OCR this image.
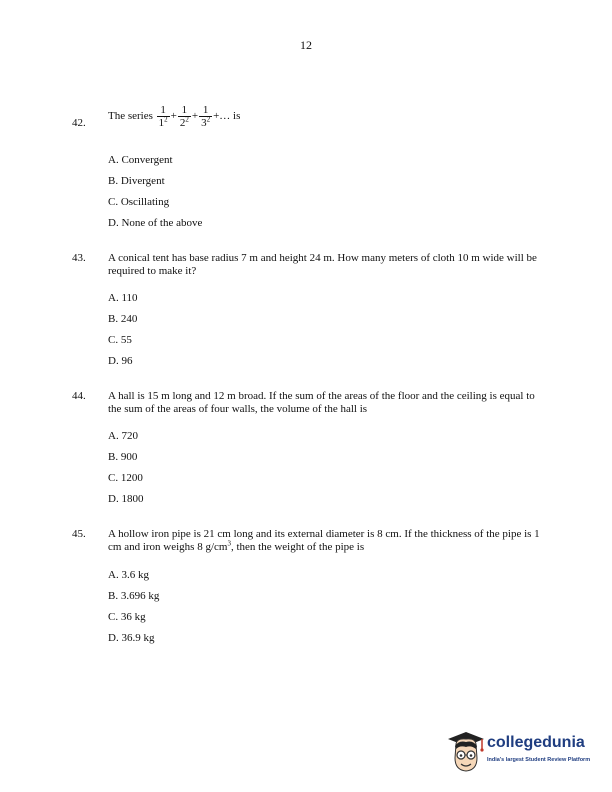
12
42.
The series $\frac{1}{1^2} + \frac{1}{2^2} + \frac{1}{3^2}$ +… is
A. Convergent
B. Divergent
C. Oscillating
D. None of the above
43. A conical tent has base radius 7 m and height 24 m. How many meters of cloth 10 m wide will be required to make it?
A. 110
B. 240
C. 55
D. 96
44. A hall is 15 m long and 12 m broad. If the sum of the areas of the floor and the ceiling is equal to the sum of the areas of four walls, the volume of the hall is
A. 720
B. 900
C. 1200
D. 1800
45. A hollow iron pipe is 21 cm long and its external diameter is 8 cm. If the thickness of the pipe is 1 cm and iron weighs 8 $g/cm^3$, then the weight of the pipe is
A. 3.6 kg
B. 3.696 kg
C. 36 kg
D. 36.9 kg
collegedunia
India's largest Student Review Platform
